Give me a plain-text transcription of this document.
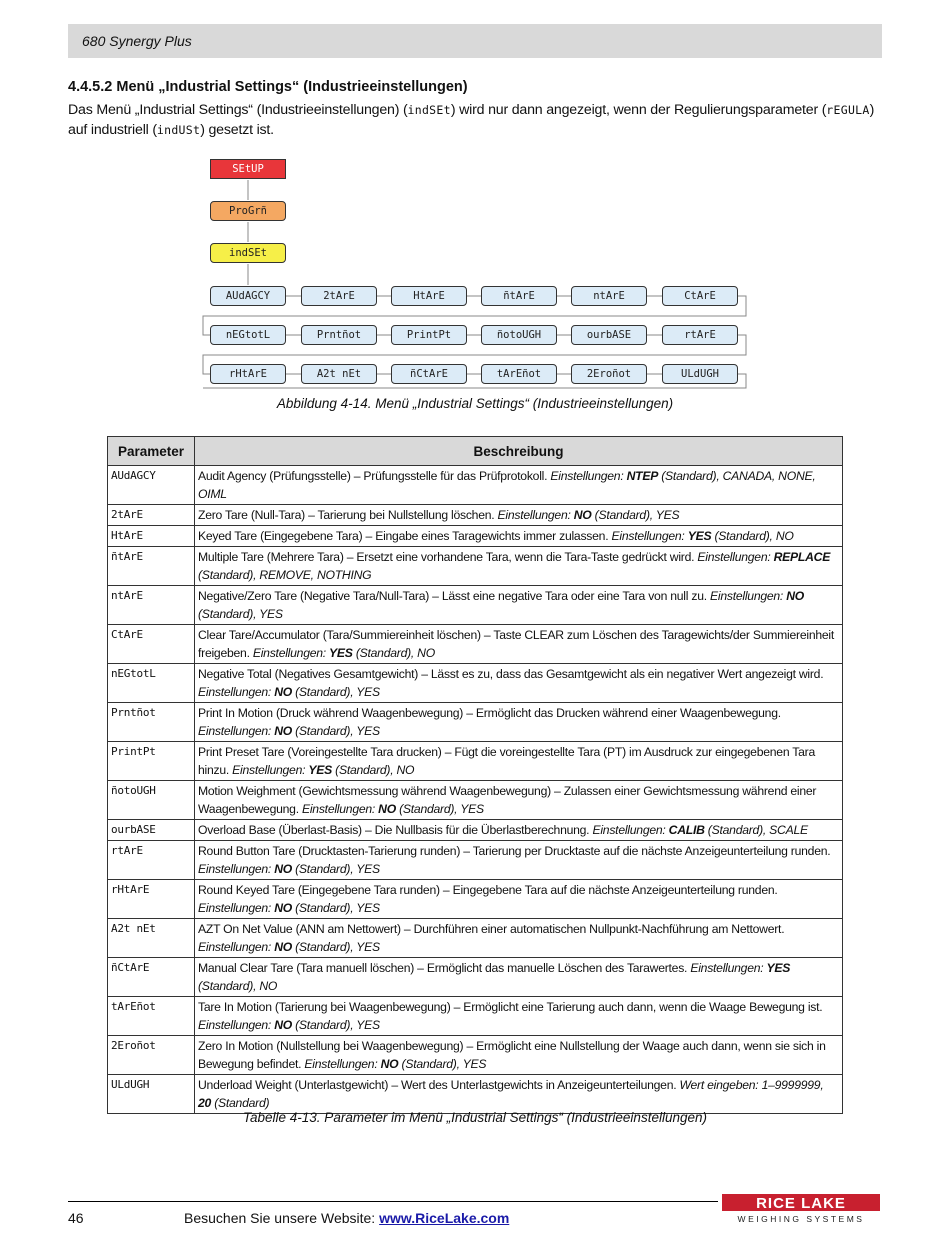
680 Synergy Plus
4.4.5.2 Menü „Industrial Settings“ (Industrieeinstellungen)
Das Menü „Industrial Settings“ (Industrieeinstellungen) (indSEt) wird nur dann angezeigt, wenn der Regulierungsparameter (rEGULA) auf industriell (indUSt) gesetzt ist.
SEtUP
ProGrñ
indSEt
AUdAGCY	2tArE	HtArE	ñtArE	ntArE	CtArE
nEGtotL	Prntñot	PrintPt	ñotoUGH	ourbASE	rtArE
rHtArE	A2t nEt	ñCtArE	tArEñot	2Eroñot	ULdUGH
Abbildung 4-14. Menü „Industrial Settings“ (Industrieeinstellungen)
Parameter	Beschreibung
AUdAGCY	Audit Agency (Prüfungsstelle) – Prüfungsstelle für das Prüfprotokoll. Einstellungen: NTEP (Standard), CANADA, NONE, OIML
2tArE	Zero Tare (Null-Tara) – Tarierung bei Nullstellung löschen. Einstellungen: NO (Standard), YES
HtArE	Keyed Tare (Eingegebene Tara) – Eingabe eines Taragewichts immer zulassen. Einstellungen: YES (Standard), NO
ñtArE	Multiple Tare (Mehrere Tara) – Ersetzt eine vorhandene Tara, wenn die Tara-Taste gedrückt wird. Einstellungen: REPLACE (Standard), REMOVE, NOTHING
ntArE	Negative/Zero Tare (Negative Tara/Null-Tara) – Lässt eine negative Tara oder eine Tara von null zu. Einstellungen: NO (Standard), YES
CtArE	Clear Tare/Accumulator (Tara/Summiereinheit löschen) – Taste CLEAR zum Löschen des Taragewichts/der Summiereinheit freigeben. Einstellungen: YES (Standard), NO
nEGtotL	Negative Total (Negatives Gesamtgewicht) – Lässt es zu, dass das Gesamtgewicht als ein negativer Wert angezeigt wird. Einstellungen: NO (Standard), YES
Prntñot	Print In Motion (Druck während Waagenbewegung) – Ermöglicht das Drucken während einer Waagenbewegung. Einstellungen: NO (Standard), YES
PrintPt	Print Preset Tare (Voreingestellte Tara drucken) – Fügt die voreingestellte Tara (PT) im Ausdruck zur eingegebenen Tara hinzu. Einstellungen: YES (Standard), NO
ñotoUGH	Motion Weighment (Gewichtsmessung während Waagenbewegung) – Zulassen einer Gewichtsmessung während einer Waagenbewegung. Einstellungen: NO (Standard), YES
ourbASE	Overload Base (Überlast-Basis) – Die Nullbasis für die Überlastberechnung. Einstellungen: CALIB (Standard), SCALE
rtArE	Round Button Tare (Drucktasten-Tarierung runden) – Tarierung per Drucktaste auf die nächste Anzeigeunterteilung runden. Einstellungen: NO (Standard), YES
rHtArE	Round Keyed Tare (Eingegebene Tara runden) – Eingegebene Tara auf die nächste Anzeigeunterteilung runden. Einstellungen: NO (Standard), YES
A2t nEt	AZT On Net Value (ANN am Nettowert) – Durchführen einer automatischen Nullpunkt-Nachführung am Nettowert. Einstellungen: NO (Standard), YES
ñCtArE	Manual Clear Tare (Tara manuell löschen) – Ermöglicht das manuelle Löschen des Tarawertes. Einstellungen: YES (Standard), NO
tArEñot	Tare In Motion (Tarierung bei Waagenbewegung) – Ermöglicht eine Tarierung auch dann, wenn die Waage Bewegung ist. Einstellungen: NO (Standard), YES
2Eroñot	Zero In Motion (Nullstellung bei Waagenbewegung) – Ermöglicht eine Nullstellung der Waage auch dann, wenn sie sich in Bewegung befindet. Einstellungen: NO (Standard), YES
ULdUGH	Underload Weight (Unterlastgewicht) – Wert des Unterlastgewichts in Anzeigeunterteilungen. Wert eingeben: 1–9999999, 20 (Standard)
Tabelle 4-13. Parameter im Menü „Industrial Settings“ (Industrieeinstellungen)
46	Besuchen Sie unsere Website: www.RiceLake.com
RICE LAKE
WEIGHING SYSTEMS
